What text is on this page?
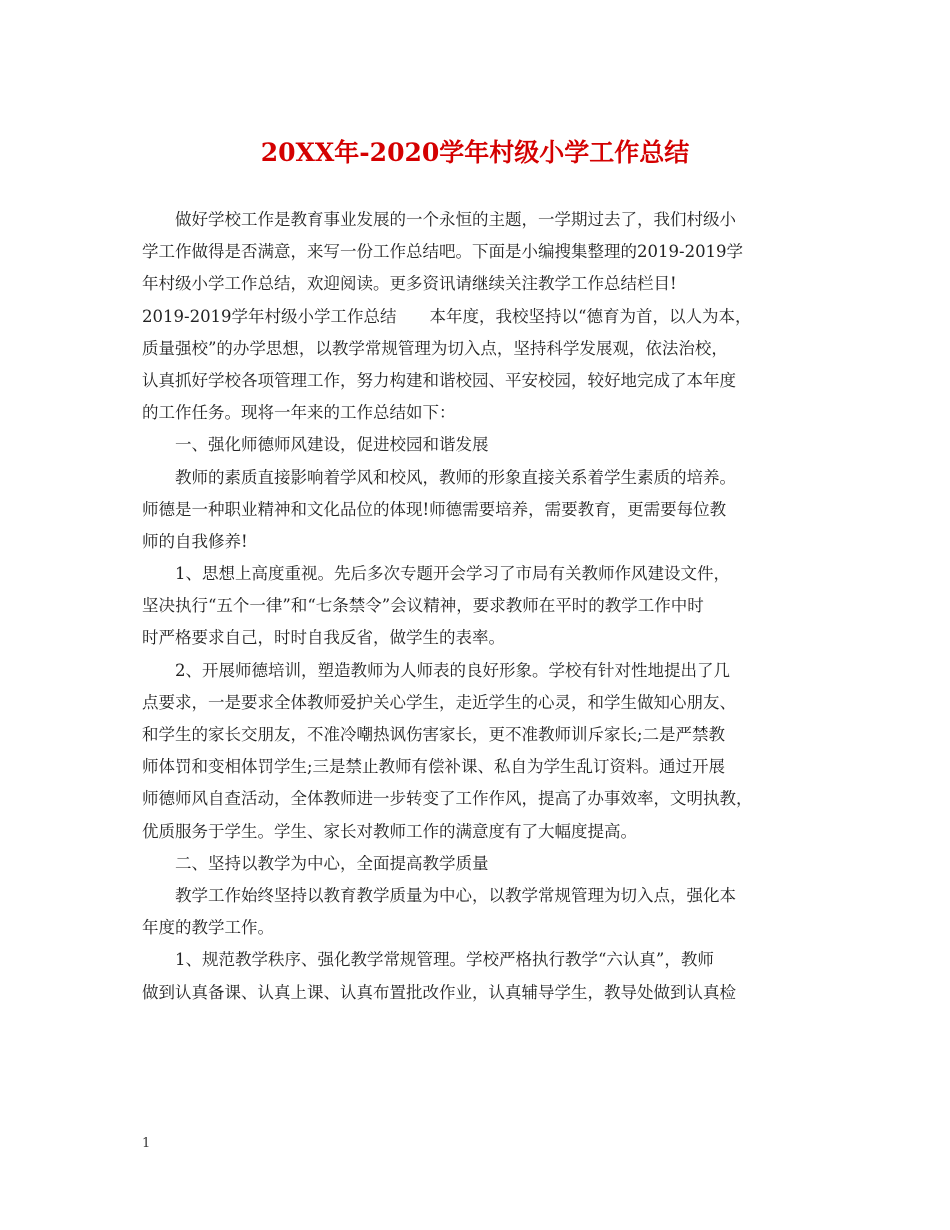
20XX年-2020学年村级小学工作总结
做好学校工作是教育事业发展的一个永恒的主题，一学期过去了，我们村级小
学工作做得是否满意，来写一份工作总结吧。下面是小编搜集整理的2019-2019学
年村级小学工作总结，欢迎阅读。更多资讯请继续关注教学工作总结栏目!
2019-2019学年村级小学工作总结　　本年度，我校坚持以“德育为首，以人为本，
质量强校”的办学思想，以教学常规管理为切入点，坚持科学发展观，依法治校，
认真抓好学校各项管理工作，努力构建和谐校园、平安校园，较好地完成了本年度
的工作任务。现将一年来的工作总结如下：
一、强化师德师风建设，促进校园和谐发展
教师的素质直接影响着学风和校风，教师的形象直接关系着学生素质的培养。
师德是一种职业精神和文化品位的体现!师德需要培养，需要教育，更需要每位教
师的自我修养!
1、思想上高度重视。先后多次专题开会学习了市局有关教师作风建设文件，
坚决执行“五个一律”和“七条禁令”会议精神，要求教师在平时的教学工作中时
时严格要求自己，时时自我反省，做学生的表率。
2、开展师德培训，塑造教师为人师表的良好形象。学校有针对性地提出了几
点要求，一是要求全体教师爱护关心学生，走近学生的心灵，和学生做知心朋友、
和学生的家长交朋友，不准冷嘲热讽伤害家长，更不准教师训斥家长;二是严禁教
师体罚和变相体罚学生;三是禁止教师有偿补课、私自为学生乱订资料。通过开展
师德师风自查活动，全体教师进一步转变了工作作风，提高了办事效率，文明执教，
优质服务于学生。学生、家长对教师工作的满意度有了大幅度提高。
二、坚持以教学为中心，全面提高教学质量
教学工作始终坚持以教育教学质量为中心，以教学常规管理为切入点，强化本
年度的教学工作。
1、规范教学秩序、强化教学常规管理。学校严格执行教学“六认真”，教师
做到认真备课、认真上课、认真布置批改作业，认真辅导学生，教导处做到认真检
1
